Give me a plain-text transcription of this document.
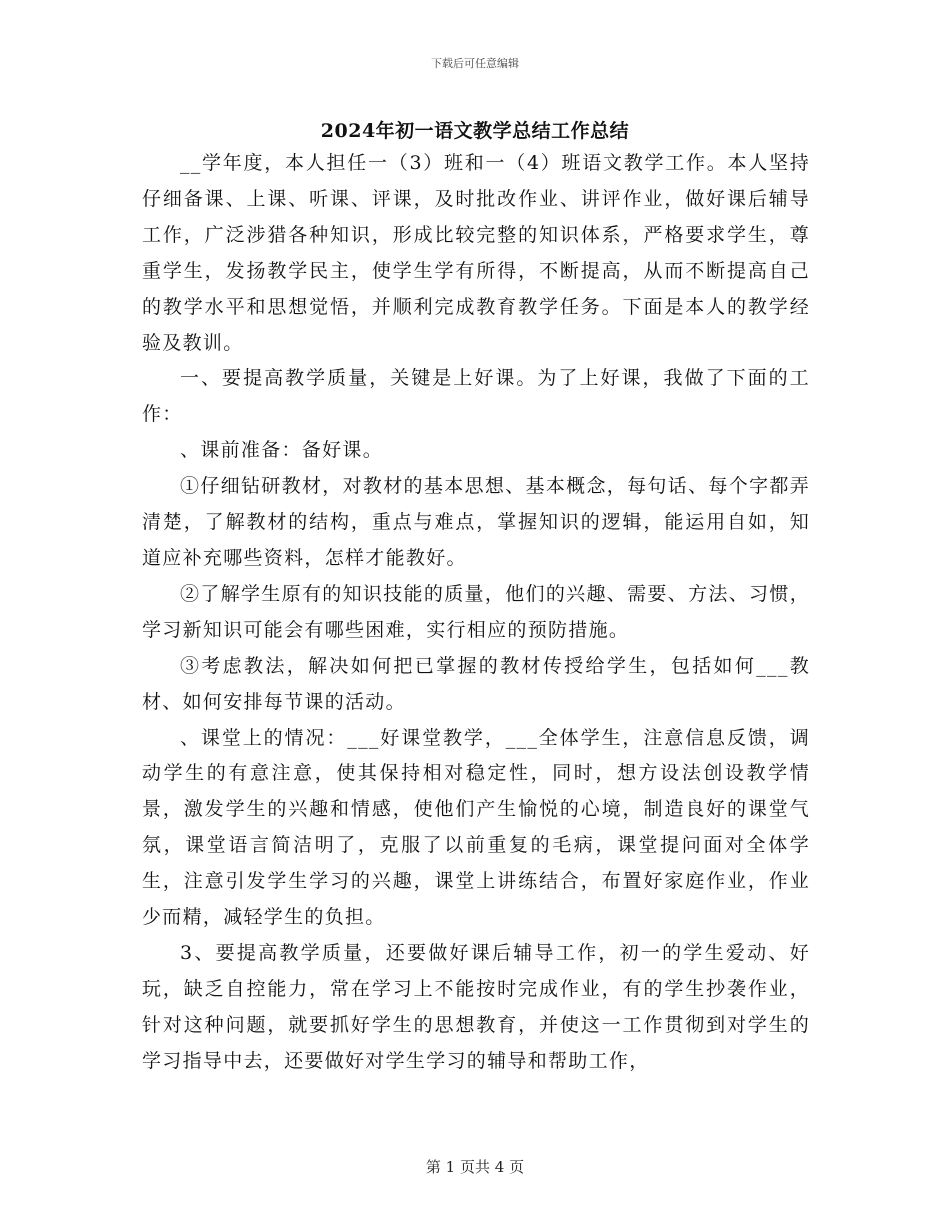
下载后可任意编辑
2024年初一语文教学总结工作总结

__学年度，本人担任一（3）班和一（4）班语文教学工作。本人坚持仔细备课、上课、听课、评课，及时批改作业、讲评作业，做好课后辅导工作，广泛涉猎各种知识，形成比较完整的知识体系，严格要求学生，尊重学生，发扬教学民主，使学生学有所得，不断提高，从而不断提高自己的教学水平和思想觉悟，并顺利完成教育教学任务。下面是本人的教学经验及教训。

一、要提高教学质量，关键是上好课。为了上好课，我做了下面的工作：

、课前准备：备好课。

①仔细钻研教材，对教材的基本思想、基本概念，每句话、每个字都弄清楚，了解教材的结构，重点与难点，掌握知识的逻辑，能运用自如，知道应补充哪些资料，怎样才能教好。

②了解学生原有的知识技能的质量，他们的兴趣、需要、方法、习惯，学习新知识可能会有哪些困难，实行相应的预防措施。

③考虑教法，解决如何把已掌握的教材传授给学生，包括如何___教材、如何安排每节课的活动。

、课堂上的情况：___好课堂教学，___全体学生，注意信息反馈，调动学生的有意注意，使其保持相对稳定性，同时，想方设法创设教学情景，激发学生的兴趣和情感，使他们产生愉悦的心境，制造良好的课堂气氛，课堂语言简洁明了，克服了以前重复的毛病，课堂提问面对全体学生，注意引发学生学习的兴趣，课堂上讲练结合，布置好家庭作业，作业少而精，减轻学生的负担。

3、要提高教学质量，还要做好课后辅导工作，初一的学生爱动、好玩，缺乏自控能力，常在学习上不能按时完成作业，有的学生抄袭作业，针对这种问题，就要抓好学生的思想教育，并使这一工作贯彻到对学生的学习指导中去，还要做好对学生学习的辅导和帮助工作，

第 1 页共 4 页
